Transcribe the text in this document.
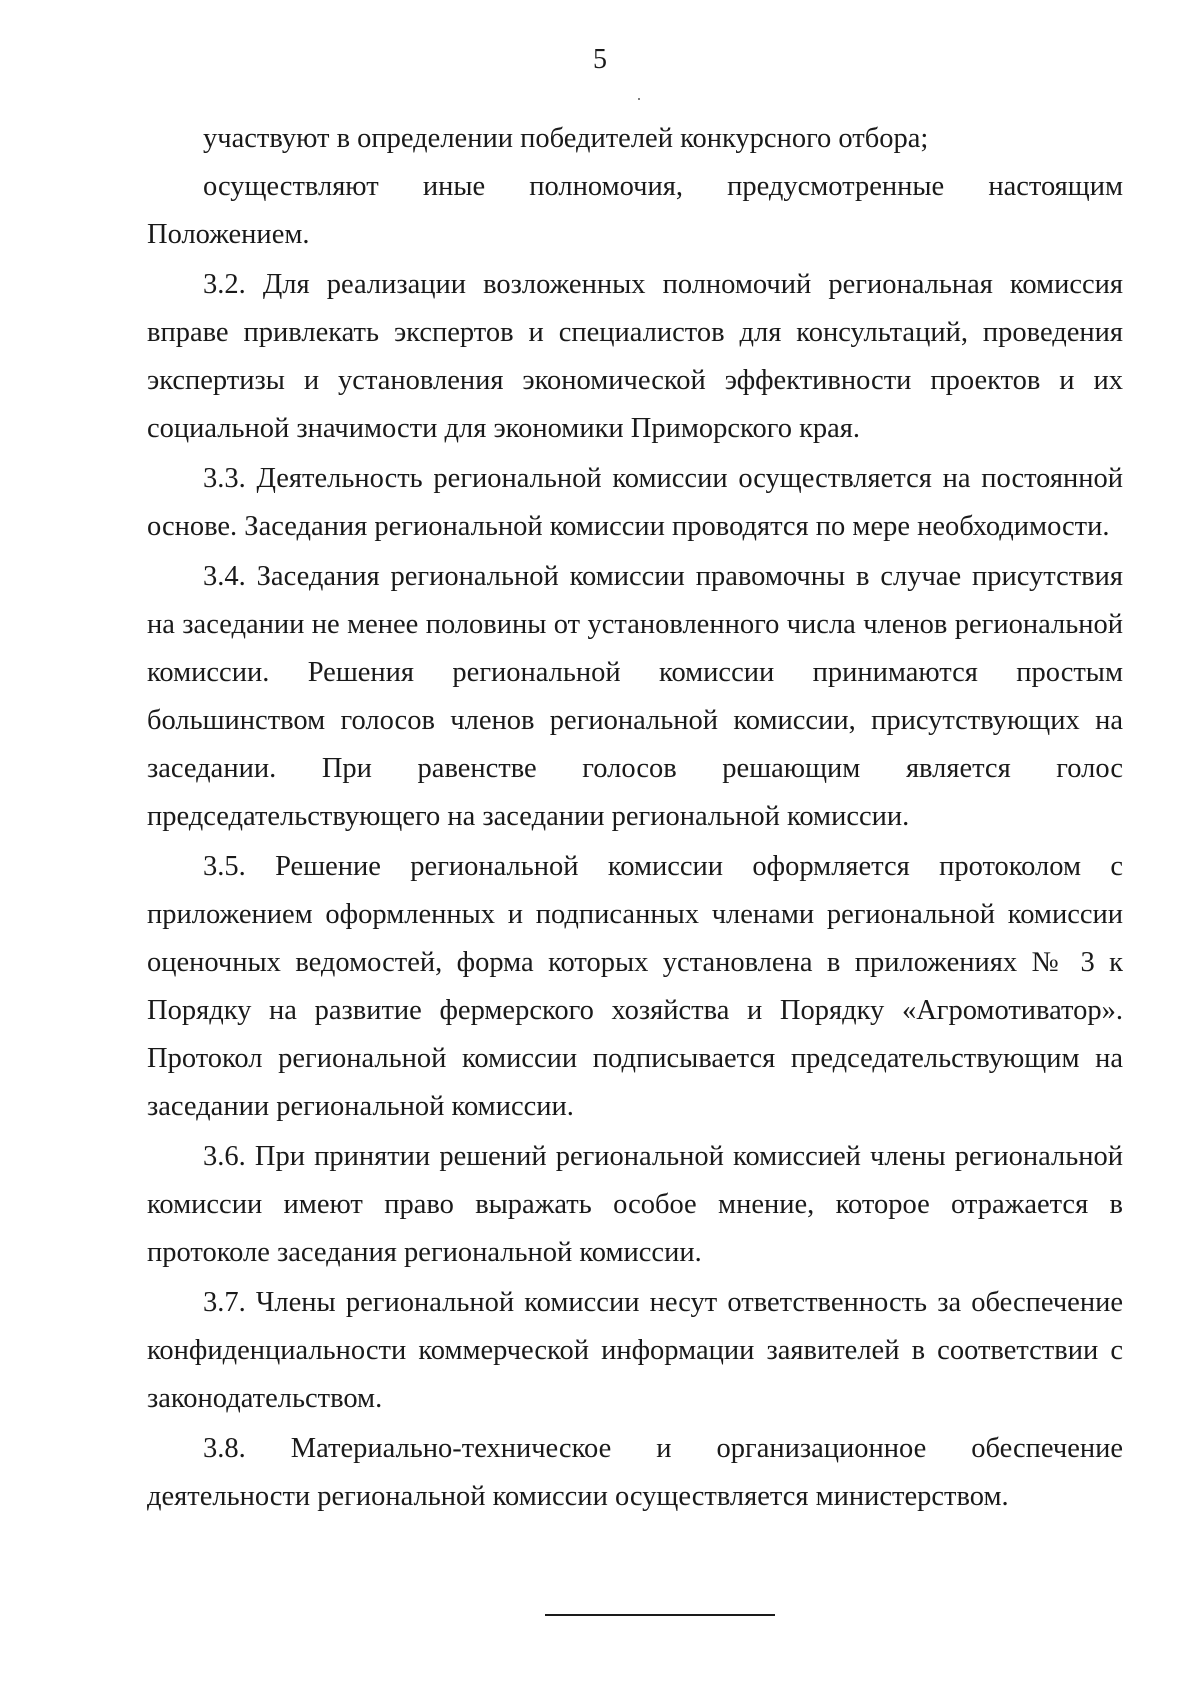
5

участвуют в определении победителей конкурсного отбора;

осуществляют иные полномочия, предусмотренные настоящим Положением.

3.2. Для реализации возложенных полномочий региональная комиссия вправе привлекать экспертов и специалистов для консультаций, проведения экспертизы и установления экономической эффективности проектов и их социальной значимости для экономики Приморского края.

3.3. Деятельность региональной комиссии осуществляется на постоянной основе. Заседания региональной комиссии проводятся по мере необходимости.

3.4. Заседания региональной комиссии правомочны в случае присутствия на заседании не менее половины от установленного числа членов региональной комиссии. Решения региональной комиссии принимаются простым большинством голосов членов региональной комиссии, присутствующих на заседании. При равенстве голосов решающим является голос председательствующего на заседании региональной комиссии.

3.5. Решение региональной комиссии оформляется протоколом с приложением оформленных и подписанных членами региональной комиссии оценочных ведомостей, форма которых установлена в приложениях № 3 к Порядку на развитие фермерского хозяйства и Порядку «Агромотиватор». Протокол региональной комиссии подписывается председательствующим на заседании региональной комиссии.

3.6. При принятии решений региональной комиссией члены региональной комиссии имеют право выражать особое мнение, которое отражается в протоколе заседания региональной комиссии.

3.7. Члены региональной комиссии несут ответственность за обеспечение конфиденциальности коммерческой информации заявителей в соответствии с законодательством.

3.8. Материально-техническое и организационное обеспечение деятельности региональной комиссии осуществляется министерством.
